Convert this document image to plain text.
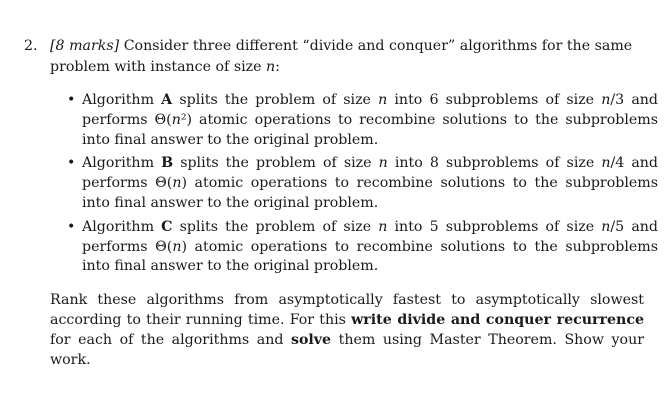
2. [8 marks] Consider three different “divide and conquer” algorithms for the same problem with instance of size n:
• Algorithm A splits the problem of size n into 6 subproblems of size n/3 and performs Θ(n²) atomic operations to recombine solutions to the subproblems into final answer to the original problem.
• Algorithm B splits the problem of size n into 8 subproblems of size n/4 and performs Θ(n) atomic operations to recombine solutions to the subproblems into final answer to the original problem.
• Algorithm C splits the problem of size n into 5 subproblems of size n/5 and performs Θ(n) atomic operations to recombine solutions to the subproblems into final answer to the original problem.
Rank these algorithms from asymptotically fastest to asymptotically slowest according to their running time. For this write divide and conquer recurrence for each of the algorithms and solve them using Master Theorem. Show your work.
